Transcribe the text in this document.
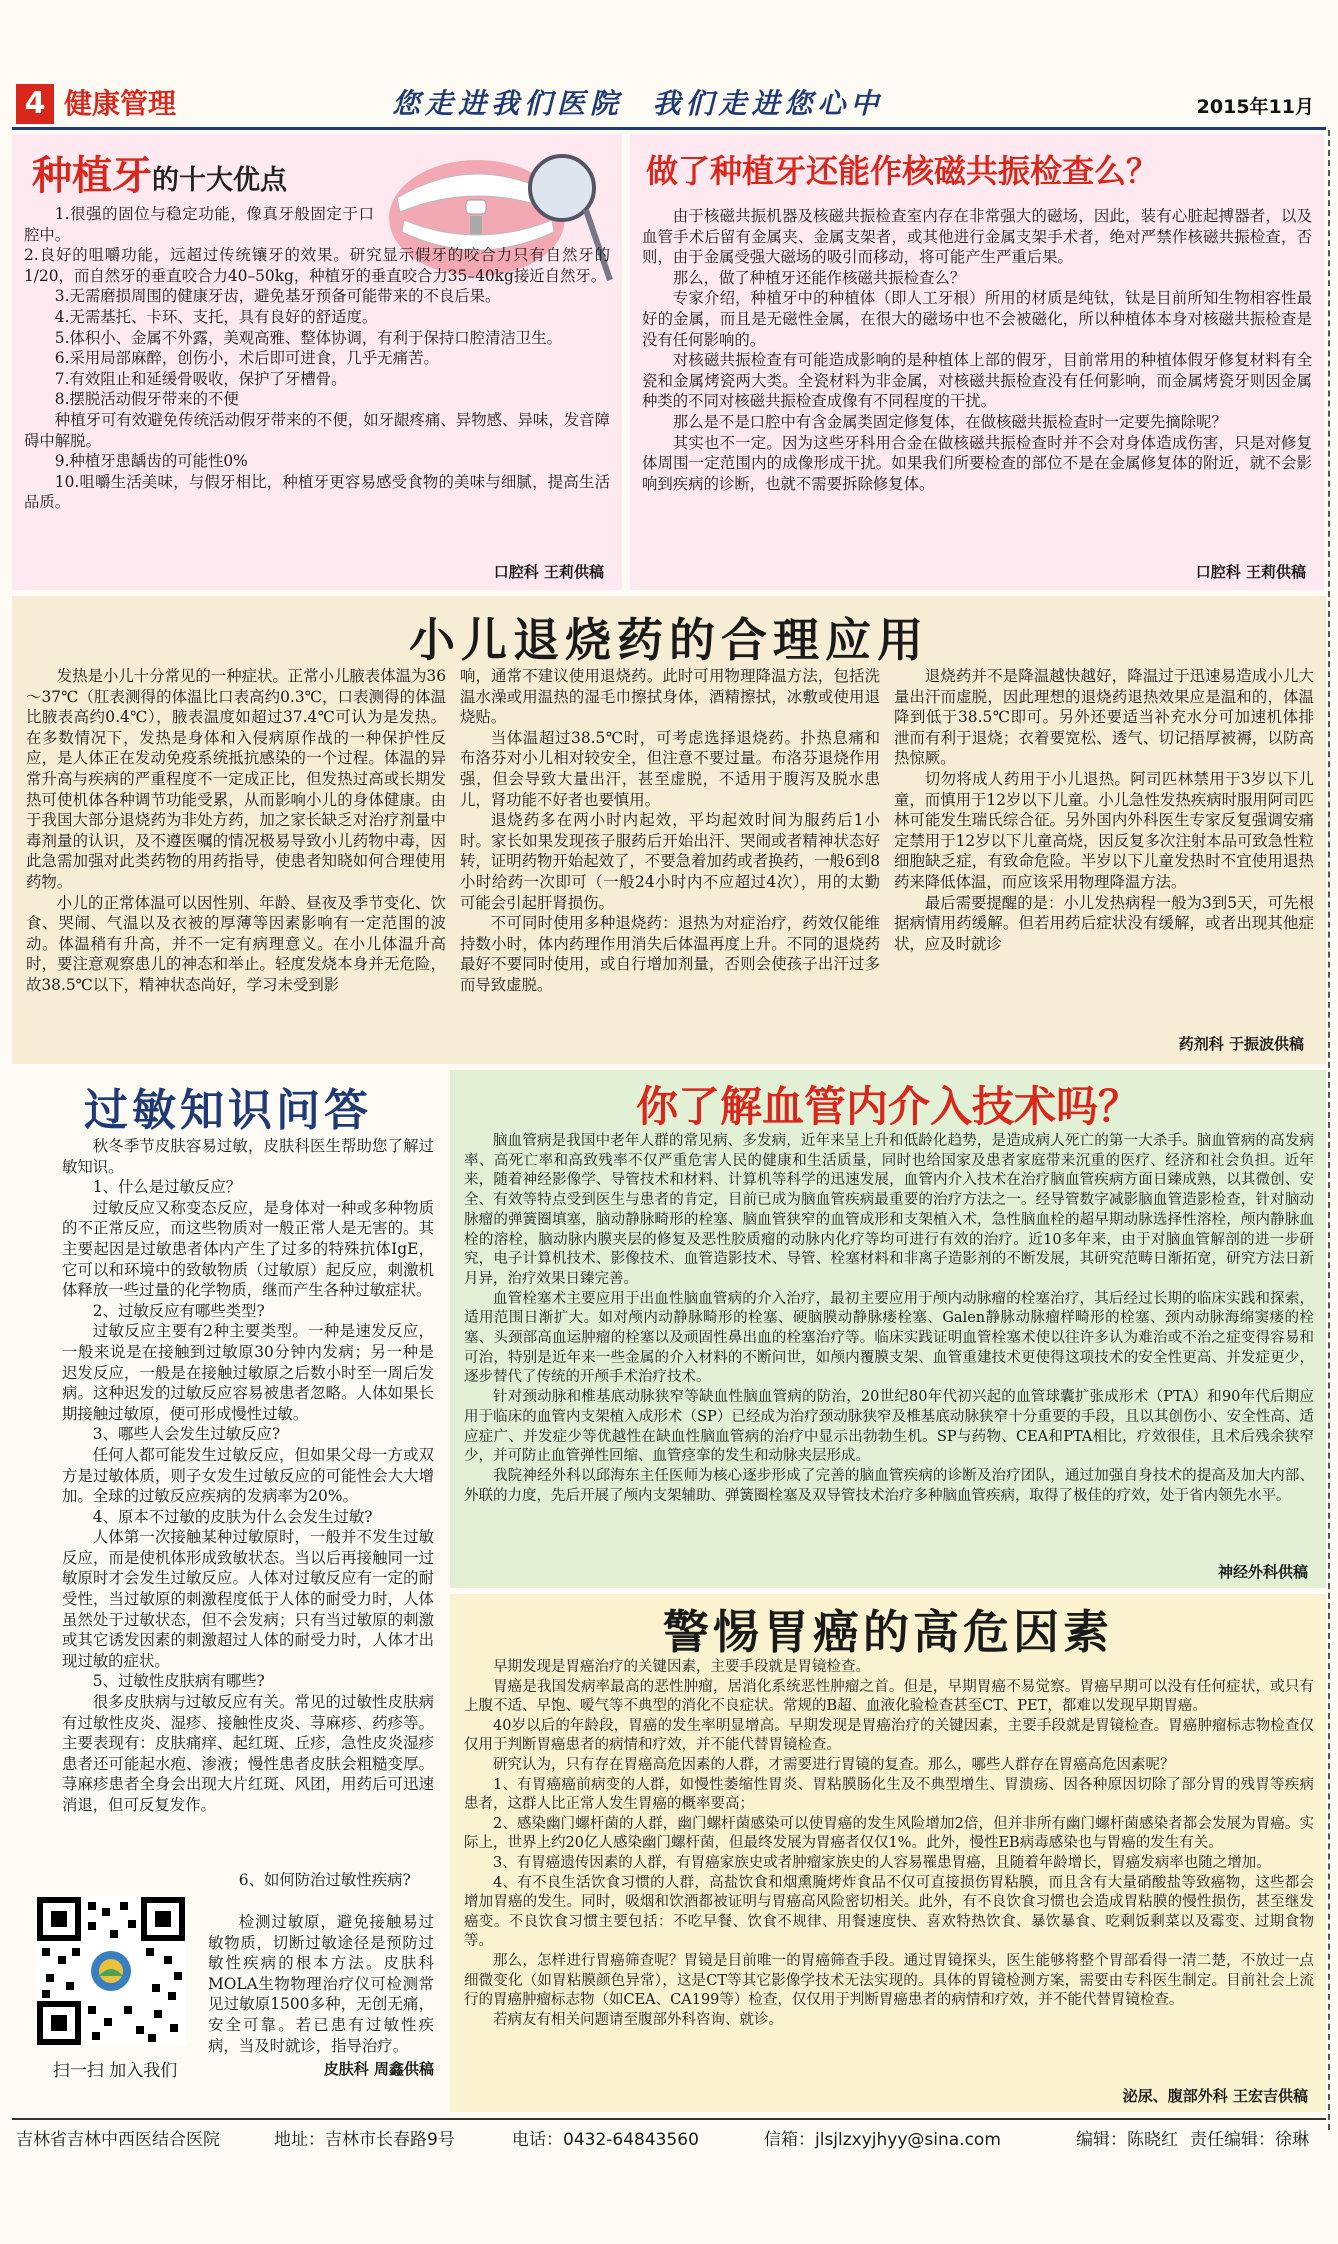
4 健康管理	您走进我们医院  我们走进您心中	2015年11月
种植牙的十大优点

1.很强的固位与稳定功能，像真牙般固定于口腔中。

2.良好的咀嚼功能，远超过传统镶牙的效果。研究显示假牙的咬合力只有自然牙的1/20，而自然牙的垂直咬合力40–50kg，种植牙的垂直咬合力35–40kg接近自然牙。

3.无需磨损周围的健康牙齿，避免基牙预备可能带来的不良后果。

4.无需基托、卡环、支托，具有良好的舒适度。

5.体积小、金属不外露，美观高雅、整体协调，有利于保持口腔清洁卫生。

6.采用局部麻醉，创伤小，术后即可进食，几乎无痛苦。

7.有效阻止和延缓骨吸收，保护了牙槽骨。

8.摆脱活动假牙带来的不便

种植牙可有效避免传统活动假牙带来的不便，如牙龈疼痛、异物感、异味，发音障碍中解脱。

9.种植牙患龋齿的可能性0%

10.咀嚼生活美味，与假牙相比，种植牙更容易感受食物的美味与细腻，提高生活品质。

口腔科 王莉供稿
做了种植牙还能作核磁共振检查么？

由于核磁共振机器及核磁共振检查室内存在非常强大的磁场，因此，装有心脏起搏器者，以及血管手术后留有金属夹、金属支架者，或其他进行金属支架手术者，绝对严禁作核磁共振检查，否则，由于金属受强大磁场的吸引而移动，将可能产生严重后果。

那么，做了种植牙还能作核磁共振检查么？

专家介绍，种植牙中的种植体（即人工牙根）所用的材质是纯钛，钛是目前所知生物相容性最好的金属，而且是无磁性金属，在很大的磁场中也不会被磁化，所以种植体本身对核磁共振检查是没有任何影响的。

对核磁共振检查有可能造成影响的是种植体上部的假牙，目前常用的种植体假牙修复材料有全瓷和金属烤瓷两大类。全瓷材料为非金属，对核磁共振检查没有任何影响，而金属烤瓷牙则因金属种类的不同对核磁共振检查成像有不同程度的干扰。

那么是不是口腔中有含金属类固定修复体，在做核磁共振检查时一定要先摘除呢？

其实也不一定。因为这些牙科用合金在做核磁共振检查时并不会对身体造成伤害，只是对修复体周围一定范围内的成像形成干扰。如果我们所要检查的部位不是在金属修复体的附近，就不会影响到疾病的诊断，也就不需要拆除修复体。

口腔科 王莉供稿
小儿退烧药的合理应用

发热是小儿十分常见的一种症状。正常小儿腋表体温为36～37℃（肛表测得的体温比口表高约0.3℃，口表测得的体温比腋表高约0.4℃），腋表温度如超过37.4℃可认为是发热。在多数情况下，发热是身体和入侵病原作战的一种保护性反应，是人体正在发动免疫系统抵抗感染的一个过程。体温的异常升高与疾病的严重程度不一定成正比，但发热过高或长期发热可使机体各种调节功能受累，从而影响小儿的身体健康。由于我国大部分退烧药为非处方药，加之家长缺乏对治疗剂量中毒剂量的认识，及不遵医嘱的情况极易导致小儿药物中毒，因此急需加强对此类药物的用药指导，使患者知晓如何合理使用药物。

小儿的正常体温可以因性别、年龄、昼夜及季节变化、饮食、哭闹、气温以及衣被的厚薄等因素影响有一定范围的波动。体温稍有升高，并不一定有病理意义。在小儿体温升高时，要注意观察患儿的神态和举止。轻度发烧本身并无危险，故38.5℃以下，精神状态尚好，学习未受到影

响，通常不建议使用退烧药。此时可用物理降温方法，包括洗温水澡或用温热的湿毛巾擦拭身体，酒精擦拭，冰敷或使用退烧贴。

当体温超过38.5℃时，可考虑选择退烧药。扑热息痛和布洛芬对小儿相对较安全，但注意不要过量。布洛芬退烧作用强，但会导致大量出汗，甚至虚脱，不适用于腹泻及脱水患儿，肾功能不好者也要慎用。

退烧药多在两小时内起效，平均起效时间为服药后1小时。家长如果发现孩子服药后开始出汗、哭闹或者精神状态好转，证明药物开始起效了，不要急着加药或者换药，一般6到8小时给药一次即可（一般24小时内不应超过4次），用的太勤可能会引起肝肾损伤。

不可同时使用多种退烧药：退热为对症治疗，药效仅能维持数小时，体内药理作用消失后体温再度上升。不同的退烧药最好不要同时使用，或自行增加剂量，否则会使孩子出汗过多而导致虚脱。

退烧药并不是降温越快越好，降温过于迅速易造成小儿大量出汗而虚脱，因此理想的退烧药退热效果应是温和的，体温降到低于38.5℃即可。另外还要适当补充水分可加速机体排泄而有利于退烧；衣着要宽松、透气、切记捂厚被褥，以防高热惊厥。

切勿将成人药用于小儿退热。阿司匹林禁用于3岁以下儿童，而慎用于12岁以下儿童。小儿急性发热疾病时服用阿司匹林可能发生瑞氏综合征。另外国内外科医生专家反复强调安痛定禁用于12岁以下儿童高烧，因反复多次注射本品可致急性粒细胞缺乏症，有致命危险。半岁以下儿童发热时不宜使用退热药来降低体温，而应该采用物理降温方法。

最后需要提醒的是：小儿发热病程一般为3到5天，可先根据病情用药缓解。但若用药后症状没有缓解，或者出现其他症状，应及时就诊

药剂科 于振波供稿
过敏知识问答

秋冬季节皮肤容易过敏，皮肤科医生帮助您了解过敏知识。

1、什么是过敏反应？

过敏反应又称变态反应，是身体对一种或多种物质的不正常反应，而这些物质对一般正常人是无害的。其主要起因是过敏患者体内产生了过多的特殊抗体IgE，它可以和环境中的致敏物质（过敏原）起反应，刺激机体释放一些过量的化学物质，继而产生各种过敏症状。

2、过敏反应有哪些类型?

过敏反应主要有2种主要类型。一种是速发反应，一般来说是在接触到过敏原30分钟内发病；另一种是迟发反应，一般是在接触过敏原之后数小时至一周后发病。这种迟发的过敏反应容易被患者忽略。人体如果长期接触过敏原，便可形成慢性过敏。

3、哪些人会发生过敏反应?

任何人都可能发生过敏反应，但如果父母一方或双方是过敏体质，则子女发生过敏反应的可能性会大大增加。全球的过敏反应疾病的发病率为20%。

4、原本不过敏的皮肤为什么会发生过敏?

人体第一次接触某种过敏原时，一般并不发生过敏反应，而是使机体形成致敏状态。当以后再接触同一过敏原时才会发生过敏反应。人体对过敏反应有一定的耐受性，当过敏原的刺激程度低于人体的耐受力时，人体虽然处于过敏状态，但不会发病；只有当过敏原的刺激或其它诱发因素的刺激超过人体的耐受力时，人体才出现过敏的症状。

5、过敏性皮肤病有哪些?

很多皮肤病与过敏反应有关。常见的过敏性皮肤病有过敏性皮炎、湿疹、接触性皮炎、荨麻疹、药疹等。主要表现有：皮肤痛痒、起红斑、丘疹，急性皮炎湿疹患者还可能起水疱、渗液；慢性患者皮肤会粗糙变厚。荨麻疹患者全身会出现大片红斑、风团，用药后可迅速消退，但可反复发作。

6、如何防治过敏性疾病?
检测过敏原，避免接触易过敏物质，切断过敏途径是预防过敏性疾病的根本方法。皮肤科MOLA生物物理治疗仪可检测常见过敏原1500多种，无创无痛，安全可靠。若已患有过敏性疾病，当及时就诊，指导治疗。
扫一扫 加入我们	皮肤科 周鑫供稿
你了解血管内介入技术吗？

脑血管病是我国中老年人群的常见病、多发病，近年来呈上升和低龄化趋势，是造成病人死亡的第一大杀手。脑血管病的高发病率、高死亡率和高致残率不仅严重危害人民的健康和生活质量，同时也给国家及患者家庭带来沉重的医疗、经济和社会负担。近年来，随着神经影像学、导管技术和材料、计算机等科学的迅速发展，血管内介入技术在治疗脑血管疾病方面日臻成熟，以其微创、安全、有效等特点受到医生与患者的肯定，目前已成为脑血管疾病最重要的治疗方法之一。经导管数字减影脑血管造影检查，针对脑动脉瘤的弹簧圈填塞，脑动静脉畸形的栓塞、脑血管狭窄的血管成形和支架植入术，急性脑血栓的超早期动脉选择性溶栓，颅内静脉血栓的溶栓，脑动脉内膜夹层的修复及恶性胶质瘤的动脉内化疗等均可进行有效的治疗。近10多年来，由于对脑血管解剖的进一步研究，电子计算机技术、影像技术、血管造影技术、导管、栓塞材料和非离子造影剂的不断发展，其研究范畴日渐拓宽，研究方法日新月异，治疗效果日臻完善。

血管栓塞术主要应用于出血性脑血管病的介入治疗，最初主要应用于颅内动脉瘤的栓塞治疗，其后经过长期的临床实践和探索，适用范围日渐扩大。如对颅内动静脉畸形的栓塞、硬脑膜动静脉瘘栓塞、Galen静脉动脉瘤样畸形的栓塞、颈内动脉海绵窦瘘的栓塞、头颈部高血运肿瘤的栓塞以及顽固性鼻出血的栓塞治疗等。临床实践证明血管栓塞术使以往许多认为难治或不治之症变得容易和可治，特别是近年来一些金属的介入材料的不断问世，如颅内覆膜支架、血管重建技术更使得这项技术的安全性更高、并发症更少，逐步替代了传统的开颅手术治疗技术。

针对颈动脉和椎基底动脉狭窄等缺血性脑血管病的防治，20世纪80年代初兴起的血管球囊扩张成形术（PTA）和90年代后期应用于临床的血管内支架植入成形术（SP）已经成为治疗颈动脉狭窄及椎基底动脉狭窄十分重要的手段，且以其创伤小、安全性高、适应症广、并发症少等优越性在缺血性脑血管病的治疗中显示出勃勃生机。SP与药物、CEA和PTA相比，疗效很佳，且术后残余狭窄少，并可防止血管弹性回缩、血管痉挛的发生和动脉夹层形成。

我院神经外科以邱海东主任医师为核心逐步形成了完善的脑血管疾病的诊断及治疗团队，通过加强自身技术的提高及加大内部、外联的力度，先后开展了颅内支架辅助、弹簧圈栓塞及双导管技术治疗多种脑血管疾病，取得了极佳的疗效，处于省内领先水平。

神经外科供稿
警惕胃癌的高危因素

早期发现是胃癌治疗的关键因素，主要手段就是胃镜检查。

胃癌是我国发病率最高的恶性肿瘤，居消化系统恶性肿瘤之首。但是，早期胃癌不易觉察。胃癌早期可以没有任何症状，或只有上腹不适、早饱、嗳气等不典型的消化不良症状。常规的B超、血液化验检查甚至CT、PET，都难以发现早期胃癌。

40岁以后的年龄段，胃癌的发生率明显增高。早期发现是胃癌治疗的关键因素，主要手段就是胃镜检查。胃癌肿瘤标志物检查仅仅用于判断胃癌患者的病情和疗效，并不能代替胃镜检查。

研究认为，只有存在胃癌高危因素的人群，才需要进行胃镜的复查。那么，哪些人群存在胃癌高危因素呢？

1、有胃癌癌前病变的人群，如慢性萎缩性胃炎、胃粘膜肠化生及不典型增生、胃溃疡、因各种原因切除了部分胃的残胃等疾病患者，这群人比正常人发生胃癌的概率要高；

2、感染幽门螺杆菌的人群，幽门螺杆菌感染可以使胃癌的发生风险增加2倍，但并非所有幽门螺杆菌感染者都会发展为胃癌。实际上，世界上约20亿人感染幽门螺杆菌，但最终发展为胃癌者仅仅1%。此外，慢性EB病毒感染也与胃癌的发生有关。

3、有胃癌遗传因素的人群，有胃癌家族史或者肿瘤家族史的人容易罹患胃癌，且随着年龄增长，胃癌发病率也随之增加。

4、有不良生活饮食习惯的人群，高盐饮食和烟熏腌烤炸食品不仅可直接损伤胃粘膜，而且含有大量硝酸盐等致癌物，这些都会增加胃癌的发生。同时，吸烟和饮酒都被证明与胃癌高风险密切相关。此外，有不良饮食习惯也会造成胃粘膜的慢性损伤，甚至继发癌变。不良饮食习惯主要包括：不吃早餐、饮食不规律、用餐速度快、喜欢特热饮食、暴饮暴食、吃剩饭剩菜以及霉变、过期食物等。

那么，怎样进行胃癌筛查呢？胃镜是目前唯一的胃癌筛查手段。通过胃镜探头，医生能够将整个胃部看得一清二楚，不放过一点细微变化（如胃粘膜颜色异常），这是CT等其它影像学技术无法实现的。具体的胃镜检测方案，需要由专科医生制定。目前社会上流行的胃癌肿瘤标志物（如CEA、CA199等）检查，仅仅用于判断胃癌患者的病情和疗效，并不能代替胃镜检查。

若病友有相关问题请至腹部外科咨询、就诊。

泌尿、腹部外科 王宏吉供稿
吉林省吉林中西医结合医院	地址：吉林市长春路9号	电话：0432-64843560	信箱：jlsjlzxyjhyy@sina.com	编辑：陈晓红 责任编辑：徐琳
